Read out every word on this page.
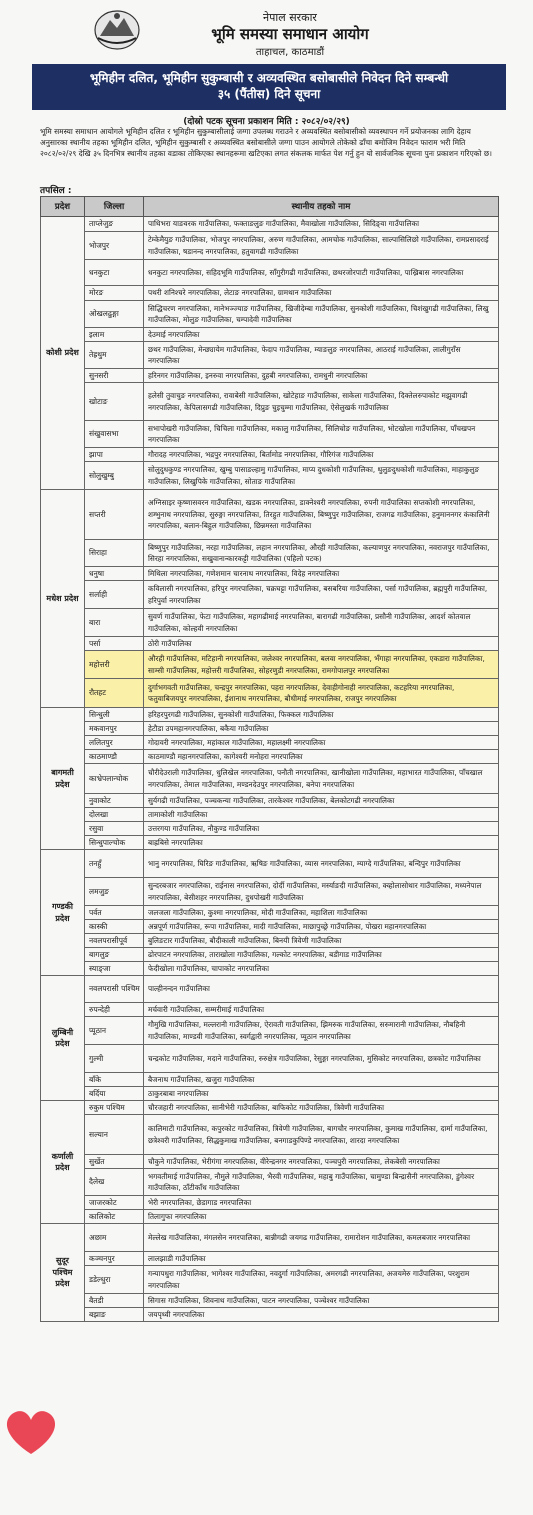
नेपाल सरकार
भूमि समस्या समाधान आयोग
ताहाचल, काठमाडौं
भूमिहीन दलित, भूमिहीन सुकुम्बासी र अव्यवस्थित बसोबासीले निवेदन दिने सम्बन्धी
३५ (पैंतीस) दिने सूचना
(दोस्रो पटक सूचना प्रकाशन मिति : २०८२/०२/२९)
भूमि समस्या समाधान आयोगले भूमिहीन दलित र भूमिहीन सुकुम्बासीलाई जग्गा उपलब्ध गराउने र अव्यवस्थित बसोबासीको व्यवस्थापन गर्ने प्रयोजनका लागि देहाय अनुसारका स्थानीय तहका भूमिहीन दलित, भूमिहीन सुकुम्बासी र अव्यवस्थित बसोबासीले जग्गा पाउन आयोगले तोकेको ढाँचा बमोजिम निवेदन फाराम भरी मिति २०८२/०२/२९ देखि ३५ दिनभित्र स्थानीय तहका वडाका तोकिएका स्थानहरूमा खटिएका लगत संकलक मार्फत पेश गर्नु हुन यो सार्वजनिक सूचना पुनः प्रकाशन गरिएको छ।
तपसिल :
प्रदेश	जिल्ला	स्थानीय तहको नाम
कोशी प्रदेश	ताप्लेजुङ	पाथिभरा याङवरक गाउँपालिका, फक्ताङलुङ गाउँपालिका, मैवाखोला गाउँपालिका, सिदिङ्वा गाउँपालिका
	भोजपुर	टेम्केमैयुङ गाउँपालिका, भोजपुर नगरपालिका, अरुण गाउँपालिका, आमचोक गाउँपालिका, साल्पासिलिछो गाउँपालिका, रामप्रसादराई गाउँपालिका, षडानन्द नगरपालिका, हतुवागढी गाउँपालिका
	धनकुटा	धनकुटा नगरपालिका, सहिदभूमि गाउँपालिका, साँगुरीगढी गाउँपालिका, छथरजोरपाटी गाउँपालिका, पाख्रिबास नगरपालिका
	मोरङ	पथरी शनिश्चरे नगरपालिका, लेटाङ नगरपालिका, ग्रामथान गाउँपालिका
	ओखलढुङ्गा	सिद्धिचरण नगरपालिका, मानेभञ्ज्याङ गाउँपालिका, खिजीदेम्बा गाउँपालिका, सुनकोशी गाउँपालिका, चिशंखुगढी गाउँपालिका, लिखु गाउँपालिका, मोलुङ गाउँपालिका, चम्पादेवी गाउँपालिका
	इलाम	देउमाई नगरपालिका
	तेह्रथुम	छथर गाउँपालिका, मेन्छ्यायेम गाउँपालिका, फेदाप गाउँपालिका, म्याङलुङ नगरपालिका, आठराई गाउँपालिका, लालीगुराँस नगरपालिका
	सुनसरी	हरिनगर गाउँपालिका, इनरुवा नगरपालिका, दुहबी नगरपालिका, रामधुनी नगरपालिका
	खोटाङ	हलेसी तुवाचुङ नगरपालिका, रावाबेसी गाउँपालिका, खोटेहाङ गाउँपालिका, साकेला गाउँपालिका, दिक्तेलरुपाकोट मझुवागढी नगरपालिका, केपिलासगढी गाउँपालिका, दिप्रुङ चुइचुम्मा गाउँपालिका, ऐसेलुखर्क गाउँपालिका
	संखुवासभा	सभापोखरी गाउँपालिका, चिचिला गाउँपालिका, मकालु गाउँपालिका, सिलिचोङ गाउँपालिका, भोटखोला गाउँपालिका, पाँचखपन नगरपालिका
	झापा	गौरादह नगरपालिका, भद्रपुर नगरपालिका, बिर्तामोड नगरपालिका, गौरिगंज गाउँपालिका
	सोलुखुम्बु	सोलुदुधकुण्ड नगरपालिका, खुम्बु पासाङल्हामु गाउँपालिका, माप्य दुधकोशी गाउँपालिका, थुलुङदुधकोशी गाउँपालिका, माहाकुलुङ गाउँपालिका, लिखुपिके गाउँपालिका, सोताङ गाउँपालिका
मधेश प्रदेश	सप्तरी	अग्निसाइर कृष्णासवरन गाउँपालिका, खडक नगरपालिका, डाक्नेश्वरी नगरपालिका, रुपनी गाउँपालिका सप्तकोशी नगरपालिका, शम्भुनाथ नगरपालिका, सुरुङ्गा नगरपालिका, तिरहुत गाउँपालिका, बिष्णुपुर गाउँपालिका, राजगढ गाउँपालिका, हनुमाननगर कंकालिनी नगरपालिका, बलान-बिहुल गाउँपालिका, छिन्नमस्ता गाउँपालिका
	सिराहा	बिष्णुपुर गाउँपालिका, नरहा गाउँपालिका, लहान नगरपालिका, औरही गाउँपालिका, कल्याणपुर नगरपालिका, नवराजपुर गाउँपालिका, सिरहा नगरपालिका, सखुवानान्कारकट्टी गाउँपालिका (पहिलो पटक)
	धनुषा	मिथिला नगरपालिका, गणेशमान चारनाथ नगरपालिका, विदेह नगरपालिका
	सर्लाही	कविलासी नगरपालिका, हरिपुर नगरपालिका, चक्रघट्टा गाउँपालिका, बसबरिया गाउँपालिका, पर्सा गाउँपालिका, ब्रह्मपुरी गाउँपालिका, हरिपुर्वा नगरपालिका
	बारा	सुवर्ण गाउँपालिका, फेटा गाउँपालिका, महागढीमाई नगरपालिका, बारागढी गाउँपालिका, प्रसौनी गाउँपालिका, आदर्श कोतवाल गाउँपालिका, कोल्हवी नगरपालिका
	पर्सा	ठोरी गाउँपालिका
	महोत्तरी	औरही गाउँपालिका, मटिहानी नगरपालिका, जलेश्वर नगरपालिका, बलवा नगरपालिका, भँगाहा नगरपालिका, एकडारा गाउँपालिका, साम्सी गाउँपालिका, महोत्तरी गाउँपालिका, सोहरणुडी नगरपालिका, रामगोपालपुर नगरपालिका
	रौतहट	दुर्गाभगवती गाउँपालिका, चन्द्रपुर नगरपालिका, पहरा नगरपालिका, देवाहीगोनाही नगरपालिका, कटहरिया नगरपालिका, फतुवाबिजयपुर नगरपालिका, ईशानाथ नगरपालिका, बौधीमाई नगरपालिका, राजपुर नगरपालिका
बागमती प्रदेश	सिन्धुली	हरिहरपुरगढी गाउँपालिका, सुनकोशी गाउँपालिका, फिक्कल गाउँपालिका
	मकवानपुर	हेटौडा उपमहानगरपालिका, बकैया गाउँपालिका
	ललितपुर	गोदावरी नगरपालिका, महांकाल गाउँपालिका, महालक्ष्मी नगरपालिका
	काठमाण्डौ	काठमाण्डौ महानगरपालिका, कागेश्वरी मनोहरा नगरपालिका
	काभ्रेपलान्चोक	चौरीदेउराली गाउँपालिका, धुलिखेल नगरपालिका, पनौती नगरपालिका, खानीखोला गाउँपालिका, महाभारत गाउँपालिका, पाँचखाल नगरपालिका, तेमाल गाउँपालिका, मण्डनदेउपुर नगरपालिका, बनेपा नगरपालिका
	नुवाकोट	सुर्यगढी गाउँपालिका, पञ्चकन्या गाउँपालिका, तारकेश्वर गाउँपालिका, बेलकोटगढी नगरपालिका
	दोलखा	तामाकोशी गाउँपालिका
	रसुवा	उत्तरगया गाउँपालिका, नौकुण्ड गाउँपालिका
	सिन्धुपाल्चोक	बाह्रबिसे नगरपालिका
गण्डकी प्रदेश	तनहुँ	भानु नगरपालिका, घिरिङ गाउँपालिका, ऋषिङ गाउँपालिका, व्यास नगरपालिका, म्याग्दे गाउँपालिका, बन्दिपुर गाउँपालिका
	लमजुङ	सुन्दरबजार नगरपालिका, राईनास नगरपालिका, दोर्दी गाउँपालिका, मर्स्याङदी गाउँपालिका, क्व्होलासोथार गाउँपालिका, मध्यनेपाल नगरपालिका, बेसीशहर नगरपालिका, दुधपोखरी गाउँपालिका
	पर्वत	जलजला गाउँपालिका, कुश्मा नगरपालिका, मोदी गाउँपालिका, महाशिला गाउँपालिका
	कास्की	अन्नपूर्ण गाउँपालिका, रूपा गाउँपालिका, मादी गाउँपालिका, माछापुच्छ्रे गाउँपालिका, पोखरा महानगरपालिका
	नवलपरासीपूर्व	बुलिङटार गाउँपालिका, बौदीकाली गाउँपालिका, बिनयी त्रिवेणी गाउँपालिका
	बागलुङ	ढोरपाटन नगरपालिका, ताराखोला गाउँपालिका, गल्कोट नगरपालिका, बडीगाड गाउँपालिका
	स्याङ्जा	फेदीखोला गाउँपालिका, चापाकोट नगरपालिका
लुम्बिनी प्रदेश	नवलपरासी पश्चिम	पाल्हीनन्दन गाउँपालिका
	रुपन्देही	मर्चवारी गाउँपालिका, सम्मरीमाई गाउँपालिका
	प्यूठान	गौमुखि गाउँपालिका, मल्लरानी गाउँपालिका, ऐरावती गाउँपालिका, झिमरुक गाउँपालिका, सरुमारानी गाउँपालिका, नौबहिनी गाउँपालिका, माण्डवी गाउँपालिका, स्वर्गद्वारी नगरपालिका, प्यूठान नगरपालिका
	गुल्मी	चन्द्रकोट गाउँपालिका, मदाने गाउँपालिका, रुरुक्षेत्र गाउँपालिका, रेसुङ्गा नगरपालिका, मुसिकोट नगरपालिका, छत्रकोट गाउँपालिका
	बाँके	बैजनाथ गाउँपालिका, खजुरा गाउँपालिका
	बर्दिया	ठाकुरबाबा नगरपालिका
कर्णाली प्रदेश	रुकुम पश्चिम	चौरजहारी नगरपालिका, सानीभेरी गाउँपालिका, बाफिकोट गाउँपालिका, त्रिवेणी गाउँपालिका
	सल्यान	कालिमाटी गाउँपालिका, कपुरकोट गाउँपालिका, त्रिवेणी गाउँपालिका, बागचौर नगरपालिका, कुमाख गाउँपालिका, दार्मा गाउँपालिका, छत्रेश्वरी गाउँपालिका, सिद्धकुमाख गाउँपालिका, बनगाडकुपिण्डे नगरपालिका, शारदा नगरपालिका
	सुर्खेत	चौकुने गाउँपालिका, भेरीगंगा नगरपालिका, वीरेन्द्रनगर नगरपालिका, पञ्चपुरी नगरपालिका, लेकबेसी नगरपालिका
	दैलेख	भगवतीमाई गाउँपालिका, नौमुले गाउँपालिका, भैरवी गाउँपालिका, महाबु गाउँपालिका, चामुण्डा बिन्द्रासैनी नगरपालिका, डुंगेश्वर गाउँपालिका, ठाँटीकाँध गाउँपालिका
	जाजरकोट	भेरी नगरपालिका, छेडागाड नगरपालिका
	कालिकोट	तिलागुफा नगरपालिका
सुदूर पश्चिम प्रदेश	अछाम	मेल्लेख गाउँपालिका, मंगलसेन नगरपालिका, बान्नीगढी जयगढ गाउँपालिका, रामारोशन गाउँपालिका, कमलबजार नगरपालिका
	कञ्चनपुर	लालझाडी गाउँपालिका
	डडेल्धुरा	गन्यापधुरा गाउँपालिका, भागेश्वर गाउँपालिका, नवदुर्गा गाउँपालिका, अमरगढी नगरपालिका, अजयमेरु गाउँपालिका, परशुराम नगरपालिका
	बैतडी	सिगास गाउँपालिका, शिवनाथ गाउँपालिका, पाटन नगरपालिका, पञ्चेश्वर गाउँपालिका
	बझाङ	जयपृथ्वी नगरपालिका
